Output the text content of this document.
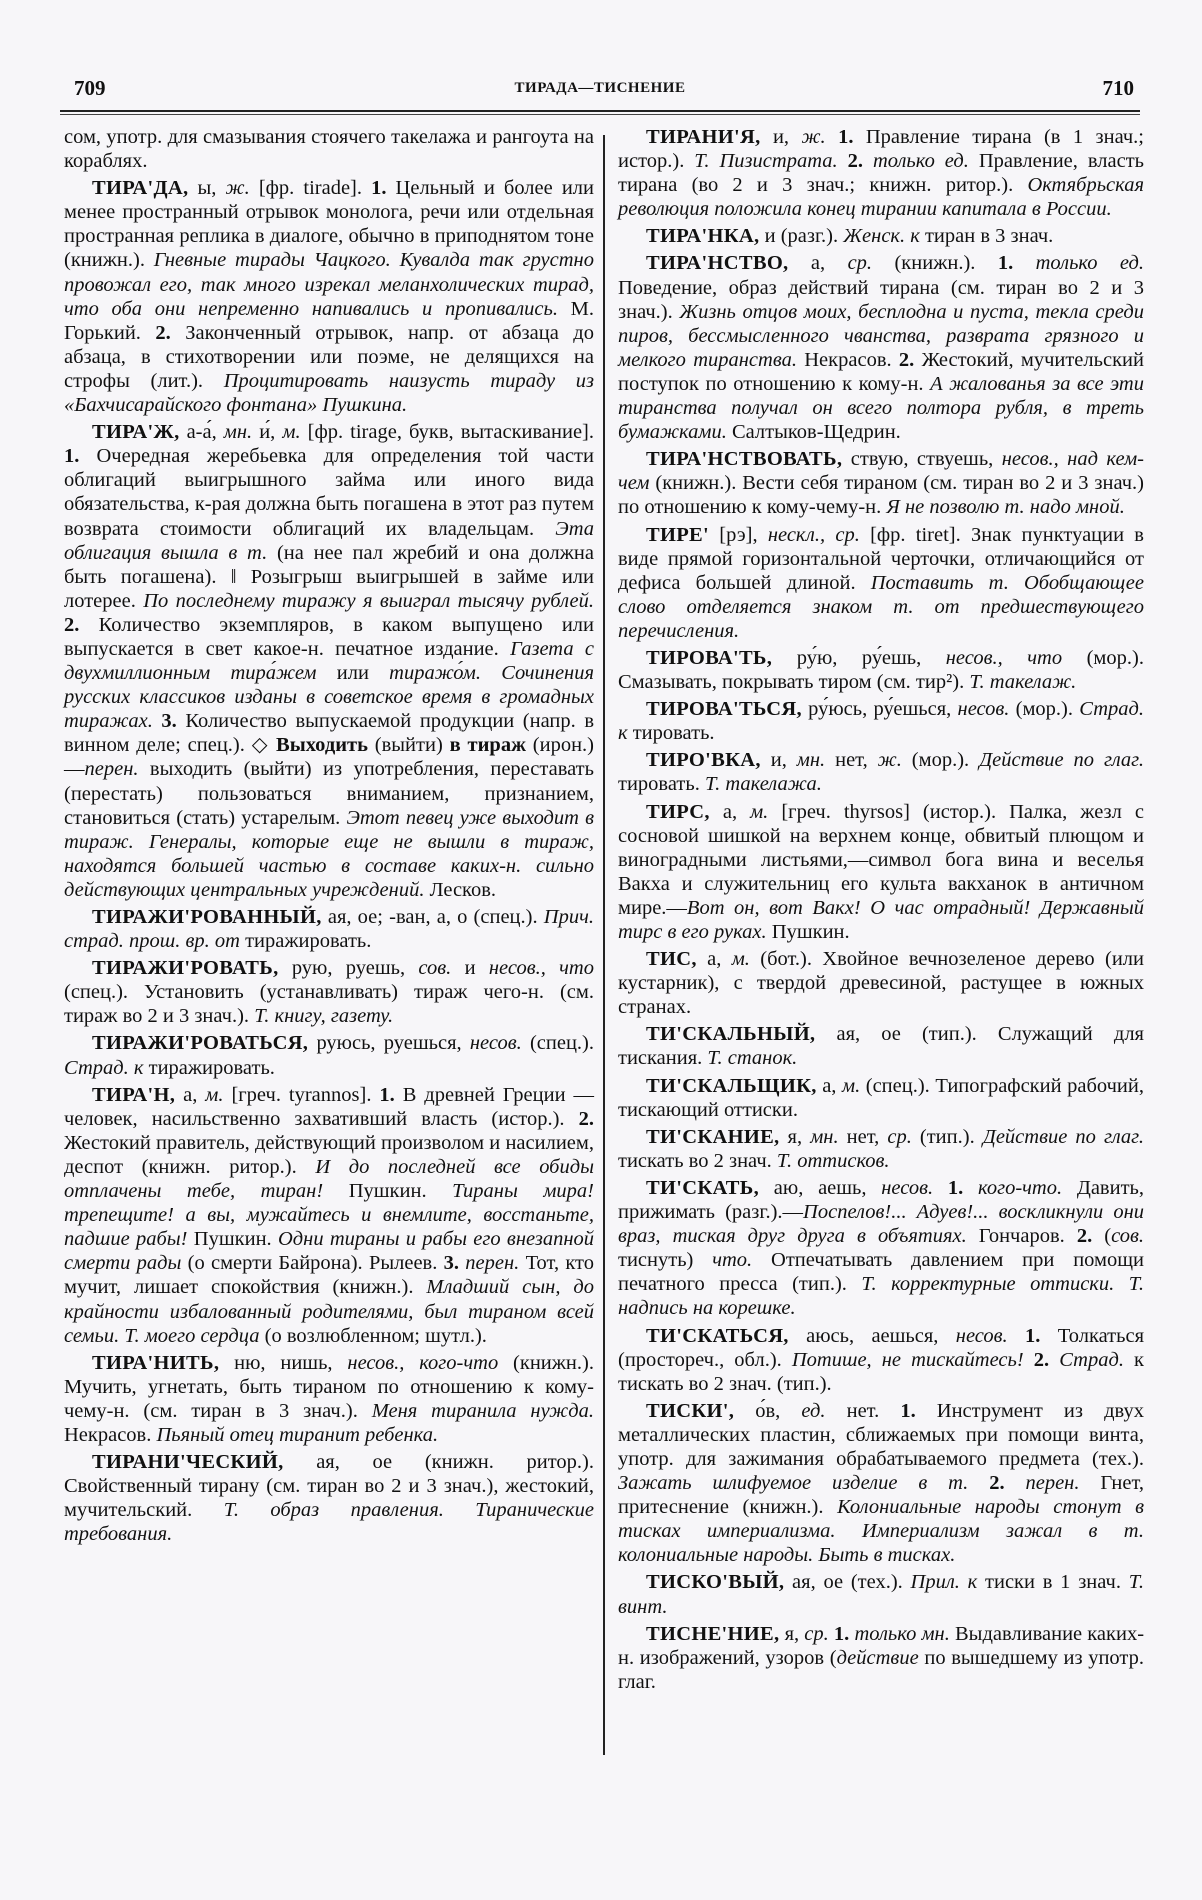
709	ТИРАДА—ТИСНЕНИЕ	710

сом, употр. для смазывания стоячего такелажа и рангоута на кораблях.

ТИРА'ДА, ы, ж. [фр. tirade]. 1. Цельный и более или менее пространный отрывок монолога, речи или отдельная пространная реплика в диалоге, обычно в приподнятом тоне (книжн.). Гневные тирады Чацкого. Кувалда так грустно провожал его, так много изрекал меланхолических тирад, что оба они непременно напивались и пропивались. М. Горький. 2. Законченный отрывок, напр. от абзаца до абзаца, в стихотворении или поэме, не делящихся на строфы (лит.). Процитировать наизусть тираду из «Бахчисарайского фонтана» Пушкина.

ТИРА'Ж, а-а́, мн. и́, м. [фр. tirage, букв, вытаскивание]. 1. Очередная жеребьевка для определения той части облигаций выигрышного займа или иного вида обязательства, к-рая должна быть погашена в этот раз путем возврата стоимости облигаций их владельцам. Эта облигация вышла в т. (на нее пал жребий и она должна быть погашена). ‖ Розыгрыш выигрышей в займе или лотерее. По последнему тиражу я выиграл тысячу рублей. 2. Количество экземпляров, в каком выпущено или выпускается в свет какое-н. печатное издание. Газета с двухмиллионным тира́жем или тиражо́м. Сочинения русских классиков изданы в советское время в громадных тиражах. 3. Количество выпускаемой продукции (напр. в винном деле; спец.). ◇ Выходить (выйти) в тираж (ирон.)—перен. выходить (выйти) из употребления, переставать (перестать) пользоваться вниманием, признанием, становиться (стать) устарелым. Этот певец уже выходит в тираж. Генералы, которые еще не вышли в тираж, находятся большей частью в составе каких-н. сильно действующих центральных учреждений. Лесков.

ТИРАЖИ'РОВАННЫЙ, ая, ое; -ван, а, о (спец.). Прич. страд. прош. вр. от тиражировать.

ТИРАЖИ'РОВАТЬ, рую, руешь, сов. и несов., что (спец.). Установить (устанавливать) тираж чего-н. (см. тираж во 2 и 3 знач.). Т. книгу, газету.

ТИРАЖИ'РОВАТЬСЯ, руюсь, руешься, несов. (спец.). Страд. к тиражировать.

ТИРА'Н, а, м. [греч. tyrannos]. 1. В древней Греции — человек, насильственно захвативший власть (истор.). 2. Жестокий правитель, действующий произволом и насилием, деспот (книжн. ритор.). И до последней все обиды отплачены тебе, тиран! Пушкин. Тираны мира! трепещите! а вы, мужайтесь и внемлите, восстаньте, падшие рабы! Пушкин. Одни тираны и рабы его внезапной смерти рады (о смерти Байрона). Рылеев. 3. перен. Тот, кто мучит, лишает спокойствия (книжн.). Младший сын, до крайности избалованный родителями, был тираном всей семьи. Т. моего сердца (о возлюбленном; шутл.).

ТИРА'НИТЬ, ню, нишь, несов., кого-что (книжн.). Мучить, угнетать, быть тираном по отношению к кому-чему-н. (см. тиран в 3 знач.). Меня тиранила нужда. Некрасов. Пьяный отец тиранит ребенка.

ТИРАНИ'ЧЕСКИЙ, ая, ое (книжн. ритор.). Свойственный тирану (см. тиран во 2 и 3 знач.), жестокий, мучительский. Т. образ правления. Тиранические требования.

ТИРАНИ'Я, и, ж. 1. Правление тирана (в 1 знач.; истор.). Т. Пизистрата. 2. только ед. Правление, власть тирана (во 2 и 3 знач.; книжн. ритор.). Октябрьская революция положила конец тирании капитала в России.

ТИРА'НКА, и (разг.). Женск. к тиран в 3 знач.

ТИРА'НСТВО, а, ср. (книжн.). 1. только ед. Поведение, образ действий тирана (см. тиран во 2 и 3 знач.). Жизнь отцов моих, бесплодна и пуста, текла среди пиров, бессмысленного чванства, разврата грязного и мелкого тиранства. Некрасов. 2. Жестокий, мучительский поступок по отношению к кому-н. А жалованья за все эти тиранства получал он всего полтора рубля, в треть бумажками. Салтыков-Щедрин.

ТИРА'НСТВОВАТЬ, ствую, ствуешь, несов., над кем-чем (книжн.). Вести себя тираном (см. тиран во 2 и 3 знач.) по отношению к кому-чему-н. Я не позволю т. надо мной.

ТИРЕ' [рэ], нескл., ср. [фр. tiret]. Знак пунктуации в виде прямой горизонтальной черточки, отличающийся от дефиса большей длиной. Поставить т. Обобщающее слово отделяется знаком т. от предшествующего перечисления.

ТИРОВА'ТЬ, ру́ю, ру́ешь, несов., что (мор.). Смазывать, покрывать тиром (см. тир²). Т. такелаж.

ТИРОВА'ТЬСЯ, ру́юсь, ру́ешься, несов. (мор.). Страд. к тировать.

ТИРО'ВКА, и, мн. нет, ж. (мор.). Действие по глаг. тировать. Т. такелажа.

ТИРС, а, м. [греч. thyrsos] (истор.). Палка, жезл с сосновой шишкой на верхнем конце, обвитый плющом и виноградными листьями,—символ бога вина и веселья Вакха и служительниц его культа вакханок в античном мире.—Вот он, вот Вакх! О час отрадный! Державный тирс в его руках. Пушкин.

ТИС, а, м. (бот.). Хвойное вечнозеленое дерево (или кустарник), с твердой древесиной, растущее в южных странах.

ТИ'СКАЛЬНЫЙ, ая, ое (тип.). Служащий для тискания. Т. станок.

ТИ'СКАЛЬЩИК, а, м. (спец.). Типографский рабочий, тискающий оттиски.

ТИ'СКАНИЕ, я, мн. нет, ср. (тип.). Действие по глаг. тискать во 2 знач. Т. оттисков.

ТИ'СКАТЬ, аю, аешь, несов. 1. кого-что. Давить, прижимать (разг.).—Поспелов!... Адуев!... воскликнули они враз, тиская друг друга в объятиях. Гончаров. 2. (сов. тиснуть) что. Отпечатывать давлением при помощи печатного пресса (тип.). Т. корректурные оттиски. Т. надпись на корешке.

ТИ'СКАТЬСЯ, аюсь, аешься, несов. 1. Толкаться (простореч., обл.). Потише, не тискайтесь! 2. Страд. к тискать во 2 знач. (тип.).

ТИСКИ', о́в, ед. нет. 1. Инструмент из двух металлических пластин, сближаемых при помощи винта, употр. для зажимания обрабатываемого предмета (тех.). Зажать шлифуемое изделие в т. 2. перен. Гнет, притеснение (книжн.). Колониальные народы стонут в тисках империализма. Империализм зажал в т. колониальные народы. Быть в тисках.

ТИСКО'ВЫЙ, ая, ое (тех.). Прил. к тиски в 1 знач. Т. винт.

ТИСНЕ'НИЕ, я, ср. 1. только мн. Выдавливание каких-н. изображений, узоров (действие по вышедшему из употр. глаг.
